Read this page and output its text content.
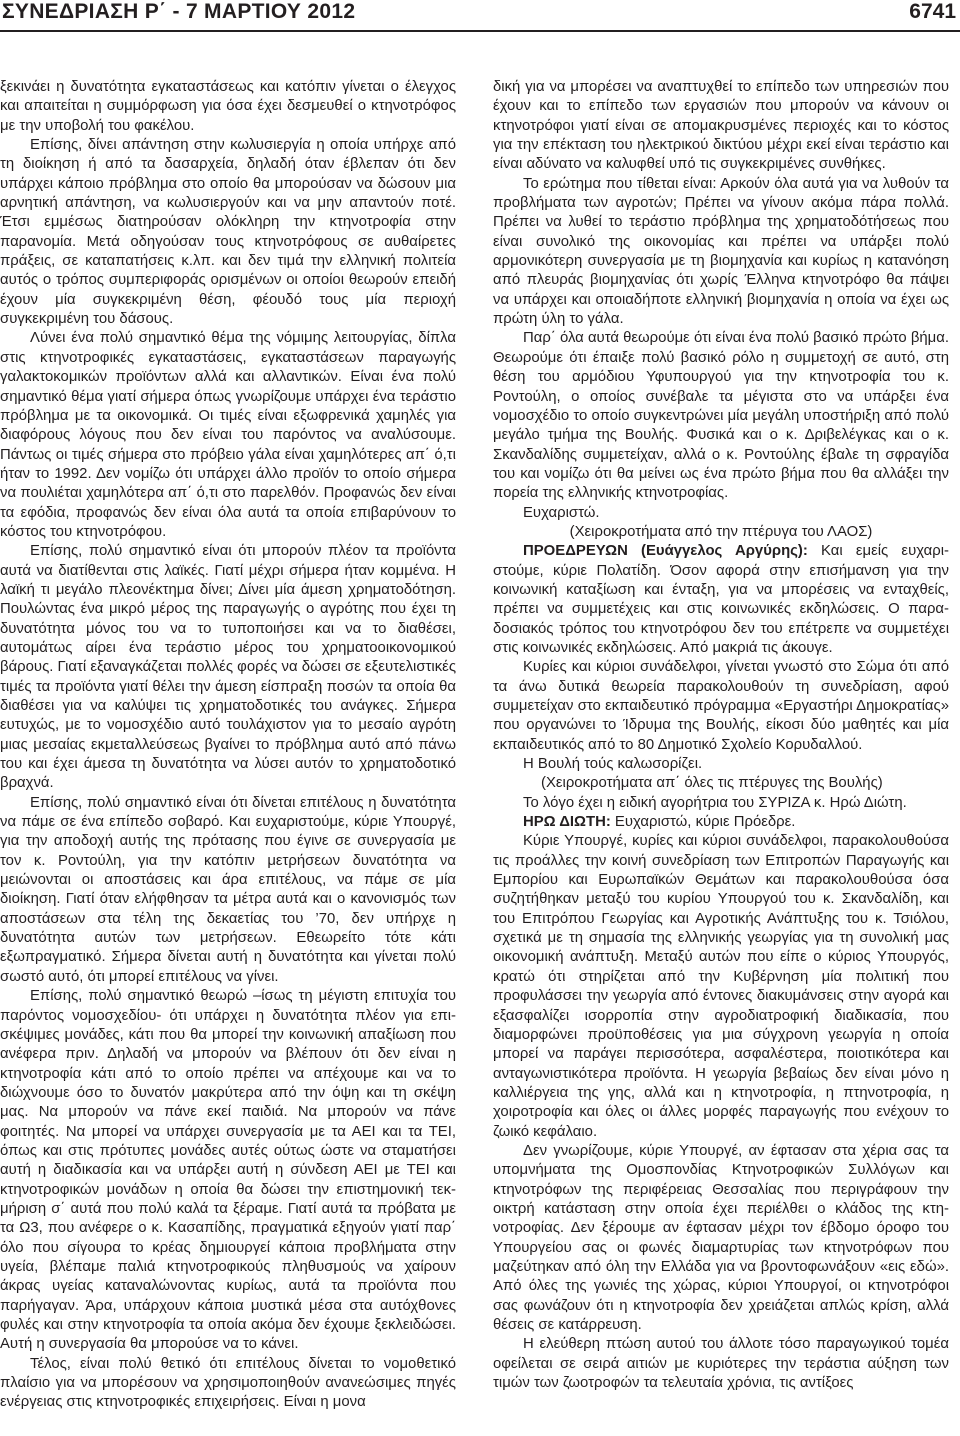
ΣΥΝΕΔΡΙΑΣΗ Ρ΄ - 7 ΜΑΡΤΙΟΥ 2012	6741

ξεκινάει η δυνατότητα εγκαταστάσεως και κατόπιν γίνεται ο έλεγχος και απαιτείται η συμμόρφωση για όσα έχει δεσμευθεί ο κτηνοτρόφος με την υποβολή του φακέλου.

Επίσης, δίνει απάντηση στην κωλυσιεργία η οποία υπήρχε από τη διοίκηση ή από τα δασαρχεία, δηλαδή όταν έβλεπαν ότι δεν υπάρχει κάποιο πρόβλημα στο οποίο θα μπορούσαν να δώσουν μια αρνητική απάντηση, να κωλυσιεργούν και να μην απαντούν ποτέ. Έτσι εμμέσως διατηρούσαν ολόκληρη την κτηνοτροφία στην παρανομία. Μετά οδηγούσαν τους κτηνοτρόφους σε αυθαίρετες πράξεις, σε καταπατήσεις κ.λπ. και δεν τιμά την ελληνική πολιτεία αυτός ο τρόπος συμπεριφοράς ορισμένων οι οποίοι θεωρούν επειδή έχουν μία συγκεκριμένη θέση, φέουδό τους μία περιοχή συγκεκριμένη του δάσους.

Λύνει ένα πολύ σημαντικό θέμα της νόμιμης λειτουργίας, δίπλα στις κτηνοτροφικές εγκαταστάσεις, εγκαταστάσεων παραγωγής γαλακτοκομικών προϊόντων αλλά και αλλαντικών. Είναι ένα πολύ σημαντικό θέμα γιατί σήμερα όπως γνωρίζουμε υπάρχει ένα τεράστιο πρόβλημα με τα οικονομικά. Οι τιμές είναι εξωφρενικά χαμηλές για διαφόρους λόγους που δεν είναι του παρόντος να αναλύσουμε. Πάντως οι τιμές σήμερα στο πρόβειο γάλα είναι χαμηλότερες απ΄ ό,τι ήταν το 1992. Δεν νομίζω ότι υπάρχει άλλο προϊόν το οποίο σήμερα να πουλιέται χαμηλότερα απ΄ ό,τι στο παρελθόν. Προφανώς δεν είναι τα εφόδια, προφανώς δεν είναι όλα αυτά τα οποία επιβαρύνουν το κόστος του κτηνοτρόφου.

Επίσης, πολύ σημαντικό είναι ότι μπορούν πλέον τα προϊόντα αυτά να διατίθενται στις λαϊκές. Γιατί μέχρι σήμερα ήταν κομμένα. Η λαϊκή τι μεγάλο πλεονέκτημα δίνει; Δίνει μία άμεση χρηματοδότηση. Πουλώντας ένα μικρό μέρος της παραγωγής ο αγρότης που έχει τη δυνατότητα μόνος του να το τυποποιήσει και να το διαθέσει, αυτομάτως αίρει ένα τεράστιο μέρος του χρηματοοικονομικού βάρους. Γιατί εξαναγκάζεται πολλές φορές να δώσει σε εξευτελιστικές τιμές τα προϊόντα γιατί θέλει την άμεση είσπραξη ποσών τα οποία θα διαθέσει για να καλύψει τις χρηματοδοτικές του ανάγκες. Σήμερα ευτυχώς, με το νομοσχέδιο αυτό τουλάχιστον για το μεσαίο αγρότη μιας μεσαίας εκμεταλλεύσεως βγαίνει το πρόβλημα αυτό από πάνω του και έχει άμεσα τη δυνατότητα να λύσει αυτόν το χρηματοδοτικό βραχνά.

Επίσης, πολύ σημαντικό είναι ότι δίνεται επιτέλους η δυνατότητα να πάμε σε ένα επίπεδο σοβαρό. Και ευχαριστούμε, κύριε Υπουργέ, για την αποδοχή αυτής της πρότασης που έγινε σε συνεργασία με τον κ. Ροντούλη, για την κατόπιν μετρήσεων δυνατότητα να μειώνονται οι αποστάσεις και άρα επιτέλους, να πάμε σε μία διοίκηση. Γιατί όταν ελήφθησαν τα μέτρα αυτά και ο κανονισμός των αποστάσεων στα τέλη της δεκαετίας του ’70, δεν υπήρχε η δυνατότητα αυτών των μετρήσεων. Εθεωρείτο τότε κάτι εξωπραγματικό. Σήμερα δίνεται αυτή η δυνατότητα και γίνεται πολύ σωστό αυτό, ότι μπορεί επιτέλους να γίνει.

Επίσης, πολύ σημαντικό θεωρώ –ίσως τη μέγιστη επιτυχία του παρόντος νομοσχεδίου- ότι υπάρχει η δυνατότητα πλέον για επισκέψιμες μονάδες, κάτι που θα μπορεί την κοινωνική απαξίωση που ανέφερα πριν. Δηλαδή να μπορούν να βλέπουν ότι δεν είναι η κτηνοτροφία κάτι από το οποίο πρέπει να απέχουμε και να το διώχνουμε όσο το δυνατόν μακρύτερα από την όψη και τη σκέψη μας. Να μπορούν να πάνε εκεί παιδιά. Να μπορούν να πάνε φοιτητές. Να μπορεί να υπάρχει συνεργασία με τα ΑΕΙ και τα ΤΕΙ, όπως και στις πρότυπες μονάδες αυτές ούτως ώστε να σταματήσει αυτή η διαδικασία και να υπάρξει αυτή η σύνδεση ΑΕΙ με ΤΕΙ και κτηνοτροφικών μονάδων η οποία θα δώσει την επιστημονική τεκμήριση σ΄ αυτά που πολύ καλά τα ξέραμε. Γιατί αυτά τα πρόβατα με τα Ω3, που ανέφερε ο κ. Κασαπίδης, πραγματικά εξηγούν γιατί παρ΄ όλο που σίγουρα το κρέας δημιουργεί κάποια προβλήματα στην υγεία, βλέπαμε παλιά κτηνοτροφικούς πληθυσμούς να χαίρουν άκρας υγείας καταναλώνοντας κυρίως, αυτά τα προϊόντα που παρήγαγαν. Άρα, υπάρχουν κάποια μυστικά μέσα στα αυτόχθονες φυλές και στην κτηνοτροφία τα οποία ακόμα δεν έχουμε ξεκλειδώσει. Αυτή η συνεργασία θα μπορούσε να το κάνει.

Τέλος, είναι πολύ θετικό ότι επιτέλους δίνεται το νομοθετικό πλαίσιο για να μπορέσουν να χρησιμοποιηθούν ανανεώσιμες πηγές ενέργειας στις κτηνοτροφικές επιχειρήσεις. Είναι η μονα

δική για να μπορέσει να αναπτυχθεί το επίπεδο των υπηρεσιών που έχουν και το επίπεδο των εργασιών που μπορούν να κάνουν οι κτηνοτρόφοι γιατί είναι σε απομακρυσμένες περιοχές και το κόστος για την επέκταση του ηλεκτρικού δικτύου μέχρι εκεί είναι τεράστιο και είναι αδύνατο να καλυφθεί υπό τις συγκεκριμένες συνθήκες.

Το ερώτημα που τίθεται είναι: Αρκούν όλα αυτά για να λυθούν τα προβλήματα των αγροτών; Πρέπει να γίνουν ακόμα πάρα πολλά. Πρέπει να λυθεί το τεράστιο πρόβλημα της χρηματοδότήσεως που είναι συνολικό της οικονομίας και πρέπει να υπάρξει πολύ αρμονικότερη συνεργασία με τη βιομηχανία και κυρίως η κατανόηση από πλευράς βιομηχανίας ότι χωρίς Έλληνα κτηνοτρόφο θα πάψει να υπάρχει και οποιαδήποτε ελληνική βιομηχανία η οποία να έχει ως πρώτη ύλη το γάλα.

Παρ΄ όλα αυτά θεωρούμε ότι είναι ένα πολύ βασικό πρώτο βήμα. Θεωρούμε ότι έπαιξε πολύ βασικό ρόλο η συμμετοχή σε αυτό, στη θέση του αρμόδιου Υφυπουργού για την κτηνοτροφία του κ. Ροντούλη, ο οποίος συνέβαλε τα μέγιστα στο να υπάρξει ένα νομοσχέδιο το οποίο συγκεντρώνει μία μεγάλη υποστήριξη από πολύ μεγάλο τμήμα της Βουλής. Φυσικά και ο κ. Δριβελέγκας και ο κ. Σκανδαλίδης συμμετείχαν, αλλά ο κ. Ροντούλης έβαλε τη σφραγίδα του και νομίζω ότι θα μείνει ως ένα πρώτο βήμα που θα αλλάξει την πορεία της ελληνικής κτηνοτροφίας.

Ευχαριστώ.

(Χειροκροτήματα από την πτέρυγα του ΛΑΟΣ)

ΠΡΟΕΔΡΕΥΩΝ (Ευάγγελος Αργύρης): Και εμείς ευχαριστούμε, κύριε Πολατίδη. Όσον αφορά στην επισήμανση για την κοινωνική καταξίωση και ένταξη, για να μπορέσεις να ενταχθείς, πρέπει να συμμετέχεις και στις κοινωνικές εκδηλώσεις. Ο παραδοσιακός τρόπος του κτηνοτρόφου δεν του επέτρεπε να συμμετέχει στις κοινωνικές εκδηλώσεις. Από μακριά τις άκουγε.

Κυρίες και κύριοι συνάδελφοι, γίνεται γνωστό στο Σώμα ότι από τα άνω δυτικά θεωρεία παρακολουθούν τη συνεδρίαση, αφού συμμετείχαν στο εκπαιδευτικό πρόγραμμα «Εργαστήρι Δημοκρατίας» που οργανώνει το Ίδρυμα της Βουλής, είκοσι δύο μαθητές και μία εκπαιδευτικός από το 80 Δημοτικό Σχολείο Κορυδαλλού.

Η Βουλή τούς καλωσορίζει.

(Χειροκροτήματα απ΄ όλες τις πτέρυγες της Βουλής)

Το λόγο έχει η ειδική αγορήτρια του ΣΥΡΙΖΑ κ. Ηρώ Διώτη.

ΗΡΩ ΔΙΩΤΗ: Ευχαριστώ, κύριε Πρόεδρε.

Κύριε Υπουργέ, κυρίες και κύριοι συνάδελφοι, παρακολουθούσα τις προάλλες την κοινή συνεδρίαση των Επιτροπών Παραγωγής και Εμπορίου και Ευρωπαϊκών Θεμάτων και παρακολουθούσα όσα συζητήθηκαν μεταξύ του κυρίου Υπουργού του κ. Σκανδαλίδη, και του Επιτρόπου Γεωργίας και Αγροτικής Ανάπτυξης του κ. Τσιόλου, σχετικά με τη σημασία της ελληνικής γεωργίας για τη συνολική μας οικονομική ανάπτυξη. Μεταξύ αυτών που είπε ο κύριος Υπουργός, κρατώ ότι στηρίζεται από την Κυβέρνηση μία πολιτική που προφυλάσσει την γεωργία από έντονες διακυμάνσεις στην αγορά και εξασφαλίζει ισορροπία στην αγροδιατροφική διαδικασία, που διαμορφώνει προϋποθέσεις για μια σύγχρονη γεωργία η οποία μπορεί να παράγει περισσότερα, ασφαλέστερα, ποιοτικότερα και ανταγωνιστικότερα προϊόντα. Η γεωργία βεβαίως δεν είναι μόνο η καλλιέργεια της γης, αλλά και η κτηνοτροφία, η πτηνοτροφία, η χοιροτροφία και όλες οι άλλες μορφές παραγωγής που ενέχουν το ζωικό κεφάλαιο.

Δεν γνωρίζουμε, κύριε Υπουργέ, αν έφτασαν στα χέρια σας τα υπομνήματα της Ομοσπονδίας Κτηνοτροφικών Συλλόγων και κτηνοτρόφων της περιφέρειας Θεσσαλίας που περιγράφουν την οικτρή κατάσταση στην οποία έχει περιέλθει ο κλάδος της κτηνοτροφίας. Δεν ξέρουμε αν έφτασαν μέχρι τον έβδομο όροφο του Υπουργείου σας οι φωνές διαμαρτυρίας των κτηνοτρόφων που μαζεύτηκαν από όλη την Ελλάδα για να βροντοφωνάξουν «εις εδώ». Από όλες της γωνιές της χώρας, κύριοι Υπουργοί, οι κτηνοτρόφοι σας φωνάζουν ότι η κτηνοτροφία δεν χρειάζεται απλώς κρίση, αλλά θέσεις σε κατάρρευση.

Η ελεύθερη πτώση αυτού του άλλοτε τόσο παραγωγικού τομέα οφείλεται σε σειρά αιτιών με κυριότερες την τεράστια αύξηση των τιμών των ζωοτροφών τα τελευταία χρόνια, τις αντίξοες
